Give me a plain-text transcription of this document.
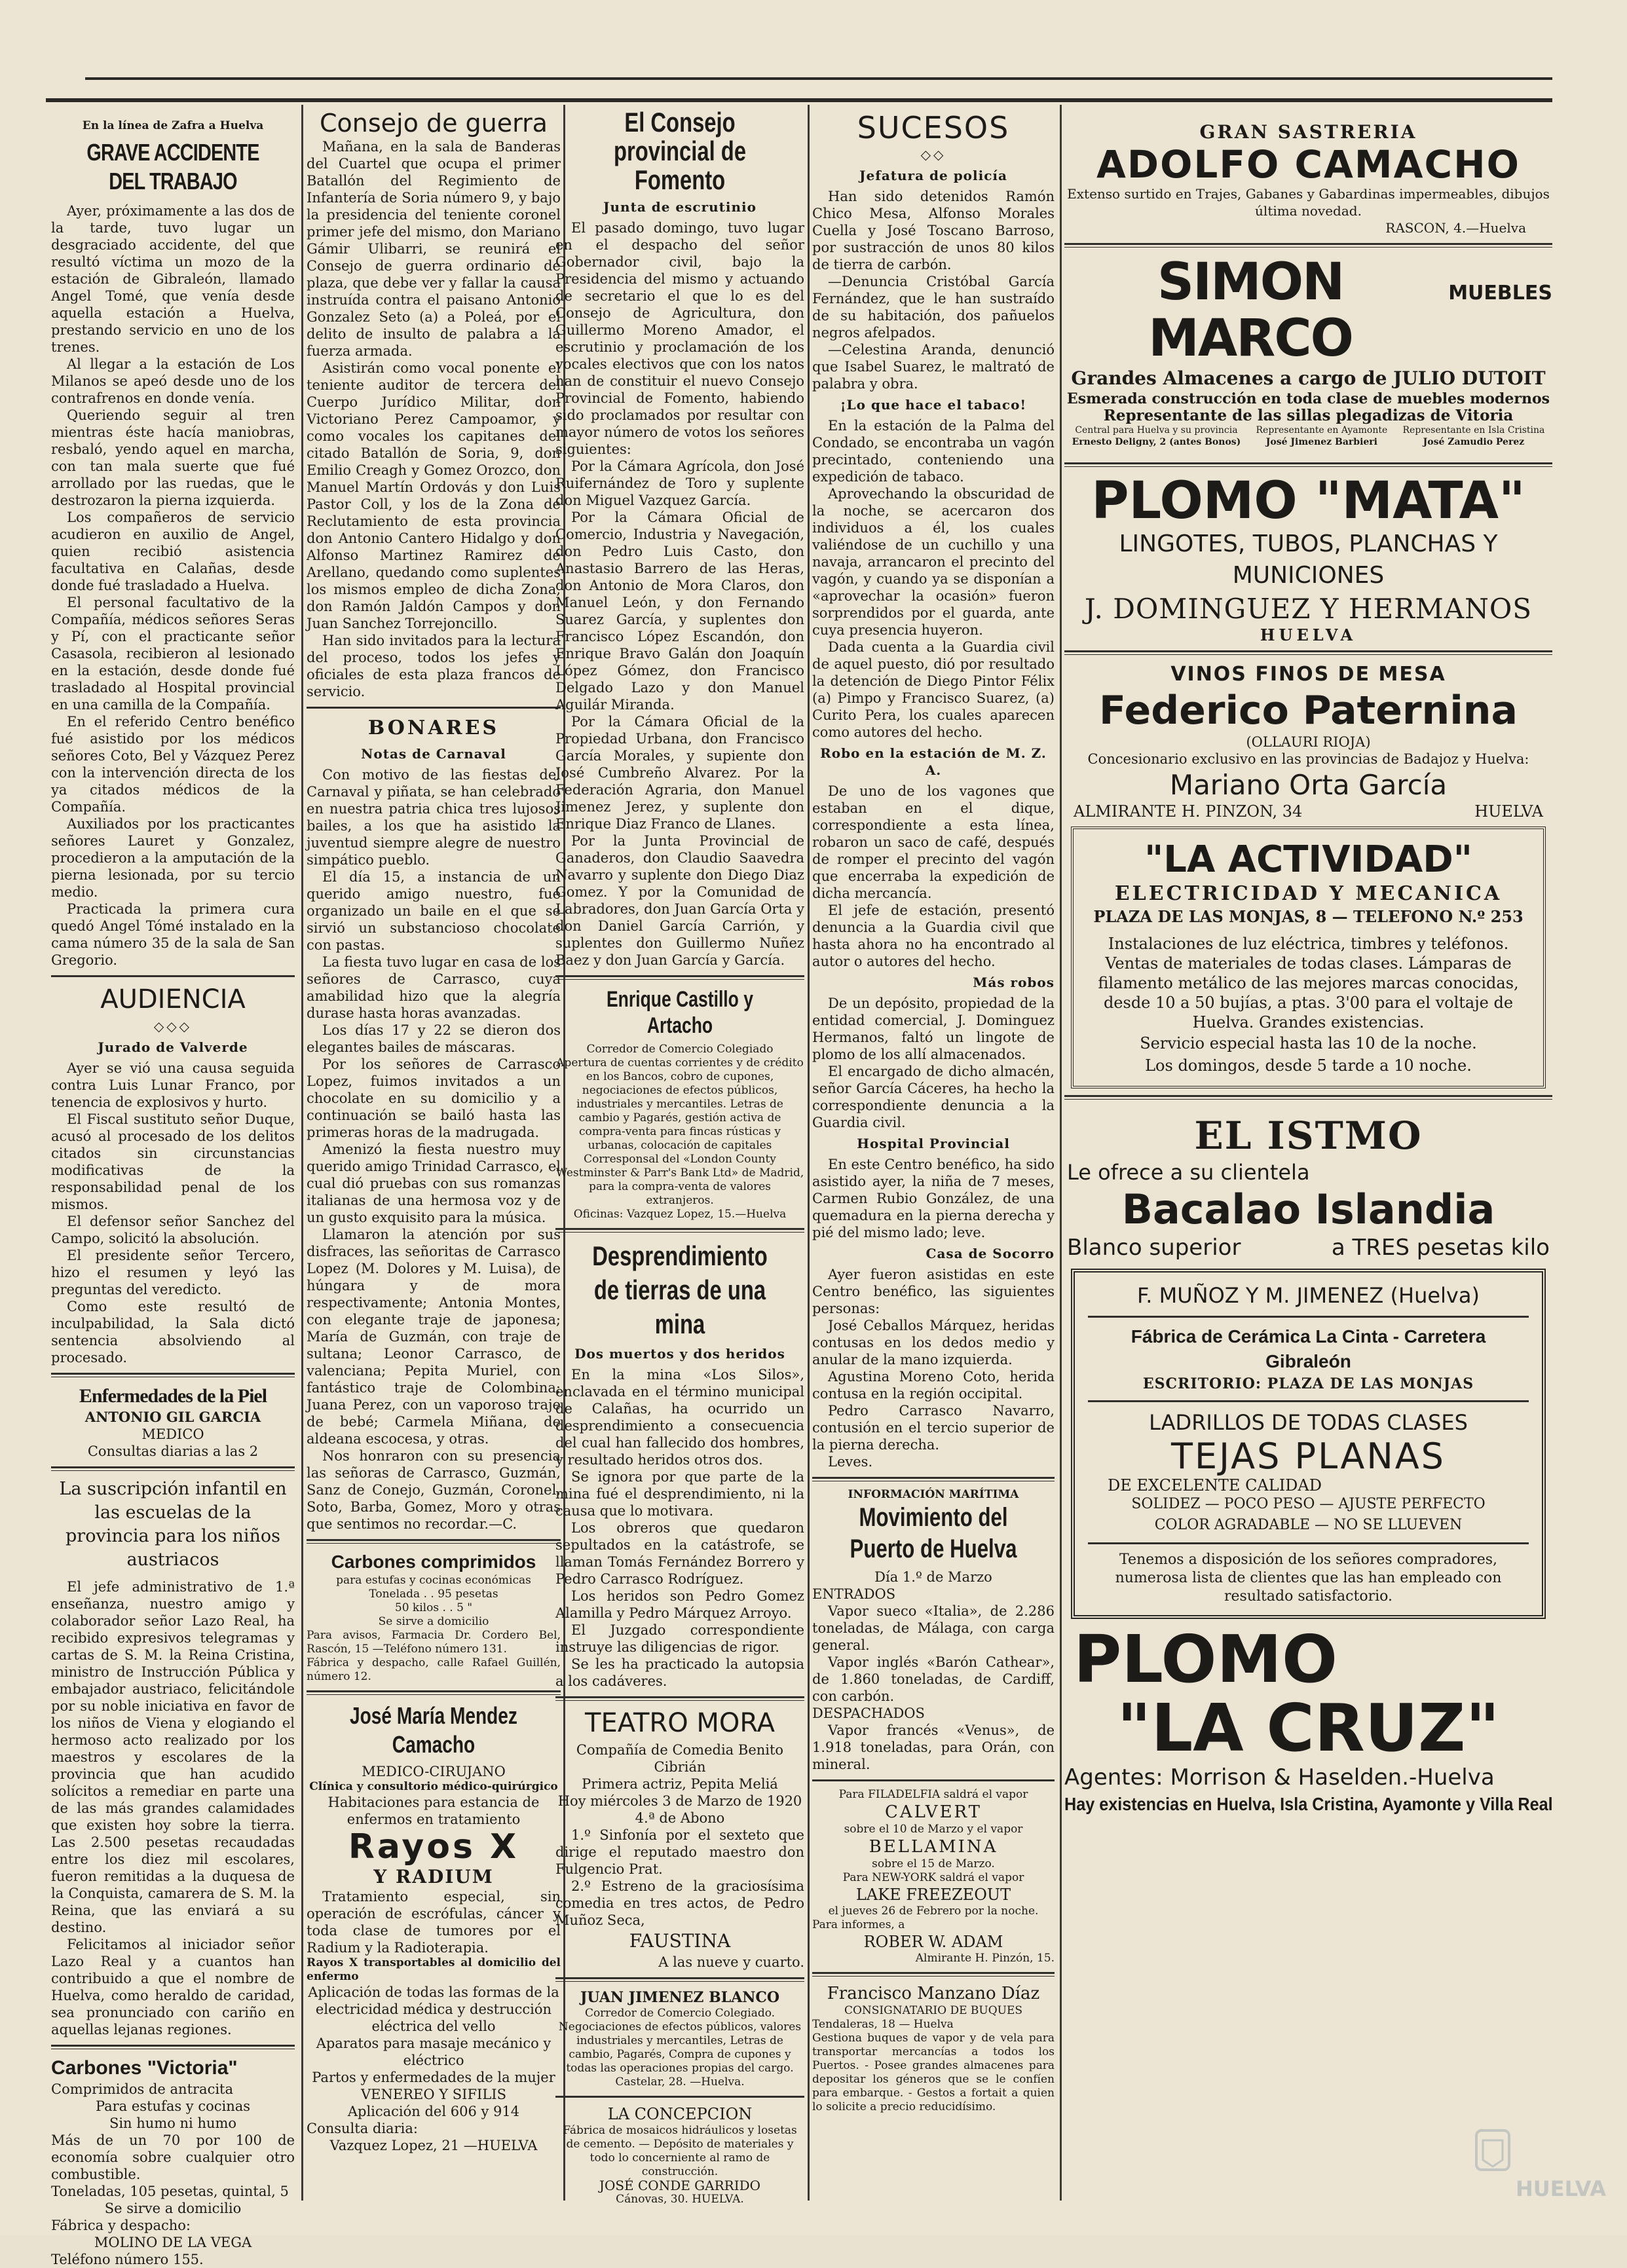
En la línea de Zafra a Huelva
GRAVE ACCIDENTE DEL TRABAJO

Ayer, próximamente a las dos de la tarde, tuvo lugar un desgraciado accidente, del que resultó víctima un mozo de la estación de Gibraleón, llamado Angel Tomé, que venía desde aquella estación a Huelva, prestando servicio en uno de los trenes.

Al llegar a la estación de Los Milanos se apeó desde uno de los contrafrenos en donde venía.

Queriendo seguir al tren mientras éste hacía maniobras, resbaló, yendo aquel en marcha, con tan mala suerte que fué arrollado por las ruedas, que le destrozaron la pierna izquierda.

Los compañeros de servicio acudieron en auxilio de Angel, quien recibió asistencia facultativa en Calañas, desde donde fué trasladado a Huelva.

El personal facultativo de la Compañía, médicos señores Seras y Pí, con el practicante señor Casasola, recibieron al lesionado en la estación, desde donde fué trasladado al Hospital provincial en una camilla de la Compañía.

En el referido Centro benéfico fué asistido por los médicos señores Coto, Bel y Vázquez Perez con la intervención directa de los ya citados médicos de la Compañía.

Auxiliados por los practicantes señores Lauret y Gonzalez, procedieron a la amputación de la pierna lesionada, por su tercio medio.

Practicada la primera cura quedó Angel Tómé instalado en la cama número 35 de la sala de San Gregorio.

AUDIENCIA
◇◇◇
Jurado de Valverde

Ayer se vió una causa seguida contra Luis Lunar Franco, por tenencia de explosivos y hurto.

El Fiscal sustituto señor Duque, acusó al procesado de los delitos citados sin circunstancias modificativas de la responsabilidad penal de los mismos.

El defensor señor Sanchez del Campo, solicitó la absolución.

El presidente señor Tercero, hizo el resumen y leyó las preguntas del veredicto.

Como este resultó de inculpabilidad, la Sala dictó sentencia absolviendo al procesado.

Enfermedades de la Piel
ANTONIO GIL GARCIA
MEDICO
Consultas diarias a las 2
La suscripción infantil en las escuelas de la provincia para los niños austriacos

El jefe administrativo de 1.ª enseñanza, nuestro amigo y colaborador señor Lazo Real, ha recibido expresivos telegramas y cartas de S. M. la Reina Cristina, ministro de Instrucción Pública y embajador austriaco, felicitándole por su noble iniciativa en favor de los niños de Viena y elogiando el hermoso acto realizado por los maestros y escolares de la provincia que han acudido solícitos a remediar en parte una de las más grandes calamidades que existen hoy sobre la tierra. Las 2.500 pesetas recaudadas entre los diez mil escolares, fueron remitidas a la duquesa de la Conquista, camarera de S. M. la Reina, que las enviará a su destino.

Felicitamos al iniciador señor Lazo Real y a cuantos han contribuido a que el nombre de Huelva, como heraldo de caridad, sea pronunciado con cariño en aquellas lejanas regiones.

Carbones "Victoria"
Comprimidos de antracita
Para estufas y cocinas
Sin humo ni humo
Más de un 70 por 100 de economía sobre cualquier otro combustible.
Toneladas, 105 pesetas, quintal, 5
Se sirve a domicilio
Fábrica y despacho:
MOLINO DE LA VEGA
Teléfono número 155.
Consejo de guerra

Mañana, en la sala de Banderas del Cuartel que ocupa el primer Batallón del Regimiento de Infantería de Soria número 9, y bajo la presidencia del teniente coronel primer jefe del mismo, don Mariano Gámir Ulibarri, se reunirá el Consejo de guerra ordinario de plaza, que debe ver y fallar la causa instruída contra el paisano Antonio Gonzalez Seto (a) a Poleá, por el delito de insulto de palabra a la fuerza armada.

Asistirán como vocal ponente el teniente auditor de tercera del Cuerpo Jurídico Militar, don Victoriano Perez Campoamor, y como vocales los capitanes del citado Batallón de Soria, 9, don Emilio Creagh y Gomez Orozco, don Manuel Martín Ordovás y don Luis Pastor Coll, y los de la Zona de Reclutamiento de esta provincia don Antonio Cantero Hidalgo y don Alfonso Martinez Ramirez de Arellano, quedando como suplentes los mismos empleo de dicha Zona, don Ramón Jaldón Campos y don Juan Sanchez Torrejoncillo.

Han sido invitados para la lectura del proceso, todos los jefes y oficiales de esta plaza francos de servicio.

BONARES
Notas de Carnaval

Con motivo de las fiestas del Carnaval y piñata, se han celebrado en nuestra patria chica tres lujosos bailes, a los que ha asistido la juventud siempre alegre de nuestro simpático pueblo.

El día 15, a instancia de un querido amigo nuestro, fué organizado un baile en el que se sirvió un substancioso chocolate con pastas.

La fiesta tuvo lugar en casa de los señores de Carrasco, cuya amabilidad hizo que la alegría durase hasta horas avanzadas.

Los días 17 y 22 se dieron dos elegantes bailes de máscaras.

Por los señores de Carrasco Lopez, fuimos invitados a un chocolate en su domicilio y a continuación se bailó hasta las primeras horas de la madrugada.

Amenizó la fiesta nuestro muy querido amigo Trinidad Carrasco, el cual dió pruebas con sus romanzas italianas de una hermosa voz y de un gusto exquisito para la música.

Llamaron la atención por sus disfraces, las señoritas de Carrasco Lopez (M. Dolores y M. Luisa), de húngara y de mora respectivamente; Antonia Montes, con elegante traje de japonesa; María de Guzmán, con traje de sultana; Leonor Carrasco, de valenciana; Pepita Muriel, con fantástico traje de Colombina; Juana Perez, con un vaporoso traje de bebé; Carmela Miñana, de aldeana escocesa, y otras.

Nos honraron con su presencia las señoras de Carrasco, Guzmán, Sanz de Conejo, Guzmán, Coronel, Soto, Barba, Gomez, Moro y otras que sentimos no recordar.—C.

Carbones comprimidos
para estufas y cocinas económicas
Tonelada . . 95 pesetas
50 kilos . . 5 "
Se sirve a domicilio
Para avisos, Farmacia Dr. Cordero Bel, Rascón, 15 —Teléfono número 131.
Fábrica y despacho, calle Rafael Guillén, número 12.
José María Mendez Camacho
MEDICO-CIRUJANO
Clínica y consultorio médico-quirúrgico
Habitaciones para estancia de enfermos en tratamiento
Rayos X
Y RADIUM

Tratamiento especial, sin operación de escrófulas, cáncer y toda clase de tumores por el Radium y la Radioterapia.

Rayos X transportables al domicilio del enfermo
Aplicación de todas las formas de la electricidad médica y destrucción eléctrica del vello
Aparatos para masaje mecánico y eléctrico
Partos y enfermedades de la mujer
VENEREO Y SIFILIS
Aplicación del 606 y 914
Consulta diaria:
Vazquez Lopez, 21 —HUELVA
El Consejo provincial de Fomento
Junta de escrutinio

El pasado domingo, tuvo lugar en el despacho del señor Gobernador civil, bajo la Presidencia del mismo y actuando de secretario el que lo es del Consejo de Agricultura, don Guillermo Moreno Amador, el escrutinio y proclamación de los vocales electivos que con los natos han de constituir el nuevo Consejo Provincial de Fomento, habiendo sido proclamados por resultar con mayor número de votos los señores siguientes:

Por la Cámara Agrícola, don José Ruifernández de Toro y suplente don Miguel Vazquez García.

Por la Cámara Oficial de Comercio, Industria y Navegación, don Pedro Luis Casto, don Anastasio Barrero de las Heras, don Antonio de Mora Claros, don Manuel León, y don Fernando Suarez García, y suplentes don Francisco López Escandón, don Enrique Bravo Galán don Joaquín López Gómez, don Francisco Delgado Lazo y don Manuel Aguilár Miranda.

Por la Cámara Oficial de la Propiedad Urbana, don Francisco García Morales, y supiente don José Cumbreño Alvarez. Por la Federación Agraria, don Manuel Jimenez Jerez, y suplente don Enrique Diaz Franco de Llanes.

Por la Junta Provincial de Ganaderos, don Claudio Saavedra Navarro y suplente don Diego Diaz Gomez. Y por la Comunidad de Labradores, don Juan García Orta y don Daniel García Carrión, y suplentes don Guillermo Nuñez Baez y don Juan García y García.

Enrique Castillo y Artacho
Corredor de Comercio Colegiado

Apertura de cuentas corrientes y de crédito en los Bancos, cobro de cupones, negociaciones de efectos públicos, industriales y mercantiles. Letras de cambio y Pagarés, gestión activa de compra-venta para fincas rústicas y urbanas, colocación de capitales

Corresponsal del «London County Westminster & Parr's Bank Ltd» de Madrid, para la compra-venta de valores extranjeros.

Oficinas: Vazquez Lopez, 15.—Huelva
Desprendimiento de tierras de una mina
Dos muertos y dos heridos

En la mina «Los Silos», enclavada en el término municipal de Calañas, ha ocurrido un desprendimiento a consecuencia del cual han fallecido dos hombres, y resultado heridos otros dos.

Se ignora por que parte de la mina fué el desprendimiento, ni la causa que lo motivara.

Los obreros que quedaron sepultados en la catástrofe, se llaman Tomás Fernández Borrero y Pedro Carrasco Rodríguez.

Los heridos son Pedro Gomez Alamilla y Pedro Márquez Arroyo.

El Juzgado correspondiente instruye las diligencias de rigor.

Se les ha practicado la autopsia a los cadáveres.

TEATRO MORA
Compañía de Comedia Benito Cibrián
Primera actriz, Pepita Meliá
Hoy miércoles 3 de Marzo de 1920
4.ª de Abono

1.º Sinfonía por el sexteto que dirige el reputado maestro don Fulgencio Prat.

2.º Estreno de la graciosísima comedia en tres actos, de Pedro Muñoz Seca,

FAUSTINA
A las nueve y cuarto.
JUAN JIMENEZ BLANCO
Corredor de Comercio Colegiado.

Negociaciones de efectos públicos, valores industriales y mercantiles, Letras de cambio, Pagarés, Compra de cupones y todas las operaciones propias del cargo.

Castelar, 28. —Huelva.
LA CONCEPCION

Fábrica de mosaicos hidráulicos y losetas de cemento. — Depósito de materiales y todo lo concerniente al ramo de construcción.

JOSÉ CONDE GARRIDO
Cánovas, 30. HUELVA.
SUCESOS
◇◇
Jefatura de policía

Han sido detenidos Ramón Chico Mesa, Alfonso Morales Cuella y José Toscano Barroso, por sustracción de unos 80 kilos de tierra de carbón.

—Denuncia Cristóbal García Fernández, que le han sustraído de su habitación, dos pañuelos negros afelpados.

—Celestina Aranda, denunció que Isabel Suarez, le maltrató de palabra y obra.

¡Lo que hace el tabaco!

En la estación de la Palma del Condado, se encontraba un vagón precintado, conteniendo una expedición de tabaco.

Aprovechando la obscuridad de la noche, se acercaron dos individuos a él, los cuales valiéndose de un cuchillo y una navaja, arrancaron el precinto del vagón, y cuando ya se disponían a «aprovechar la ocasión» fueron sorprendidos por el guarda, ante cuya presencia huyeron.

Dada cuenta a la Guardia civil de aquel puesto, dió por resultado la detención de Diego Pintor Félix (a) Pimpo y Francisco Suarez, (a) Curito Pera, los cuales aparecen como autores del hecho.

Robo en la estación de M. Z. A.

De uno de los vagones que estaban en el dique, correspondiente a esta línea, robaron un saco de café, después de romper el precinto del vagón que encerraba la expedición de dicha mercancía.

El jefe de estación, presentó denuncia a la Guardia civil que hasta ahora no ha encontrado al autor o autores del hecho.

Más robos

De un depósito, propiedad de la entidad comercial, J. Dominguez Hermanos, faltó un lingote de plomo de los allí almacenados.

El encargado de dicho almacén, señor García Cáceres, ha hecho la correspondiente denuncia a la Guardia civil.

Hospital Provincial

En este Centro benéfico, ha sido asistido ayer, la niña de 7 meses, Carmen Rubio González, de una quemadura en la pierna derecha y pié del mismo lado; leve.

Casa de Socorro

Ayer fueron asistidas en este Centro benéfico, las siguientes personas:

José Ceballos Márquez, heridas contusas en los dedos medio y anular de la mano izquierda.

Agustina Moreno Coto, herida contusa en la región occipital.

Pedro Carrasco Navarro, contusión en el tercio superior de la pierna derecha.

Leves.

INFORMACIÓN MARÍTIMA
Movimiento del Puerto de Huelva
Día 1.º de Marzo
ENTRADOS

Vapor sueco «Italia», de 2.286 toneladas, de Málaga, con carga general.

Vapor inglés «Barón Cathear», de 1.860 toneladas, de Cardiff, con carbón.

DESPACHADOS

Vapor francés «Venus», de 1.918 toneladas, para Orán, con mineral.

Para FILADELFIA saldrá el vapor
CALVERT
sobre el 10 de Marzo y el vapor
BELLAMINA
sobre el 15 de Marzo.
Para NEW-YORK saldrá el vapor
LAKE FREEZEOUT
el jueves 26 de Febrero por la noche.
Para informes, a
ROBER W. ADAM
Almirante H. Pinzón, 15.
Francisco Manzano Díaz
CONSIGNATARIO DE BUQUES
Tendaleras, 18 — Huelva

Gestiona buques de vapor y de vela para transportar mercancías a todos los Puertos. - Posee grandes almacenes para depositar los géneros que se le confíen para embarque. - Gestos a fortait a quien lo solicite a precio reducidísimo.

GRAN SASTRERIA
ADOLFO CAMACHO
Extenso surtido en Trajes, Gabanes y Gabardinas impermeables, dibujos última novedad.
RASCON, 4.—Huelva
SIMON MARCO
MUEBLES
Grandes Almacenes a cargo de JULIO DUTOIT
Esmerada construcción en toda clase de muebles modernos
Representante de las sillas plegadizas de Vitoria
Central para Huelva y su provincia
Ernesto Deligny, 2 (antes Bonos)
Representante en Ayamonte
José Jimenez Barbieri
Representante en Isla Cristina
José Zamudio Perez
PLOMO "MATA"
LINGOTES, TUBOS, PLANCHAS Y MUNICIONES
J. DOMINGUEZ Y HERMANOS
HUELVA
VINOS FINOS DE MESA
Federico Paternina
(OLLAURI RIOJA)
Concesionario exclusivo en las provincias de Badajoz y Huelva:
Mariano Orta García
ALMIRANTE H. PINZON, 34	HUELVA
"LA ACTIVIDAD"
ELECTRICIDAD Y MECANICA
PLAZA DE LAS MONJAS, 8 — TELEFONO N.º 253

Instalaciones de luz eléctrica, timbres y teléfonos. Ventas de materiales de todas clases. Lámparas de filamento metálico de las mejores marcas conocidas, desde 10 a 50 bujías, a ptas. 3'00 para el voltaje de Huelva. Grandes existencias.

Servicio especial hasta las 10 de la noche.
Los domingos, desde 5 tarde a 10 noche.
EL ISTMO
Le ofrece a su clientela
Bacalao Islandia
Blanco superior	a TRES pesetas kilo
F. MUÑOZ Y M. JIMENEZ (Huelva)
Fábrica de Cerámica La Cinta - Carretera Gibraleón
ESCRITORIO: PLAZA DE LAS MONJAS
LADRILLOS DE TODAS CLASES
TEJAS PLANAS
DE EXCELENTE CALIDAD
SOLIDEZ — POCO PESO — AJUSTE PERFECTO
COLOR AGRADABLE — NO SE LLUEVEN

Tenemos a disposición de los señores compradores, numerosa lista de clientes que las han empleado con resultado satisfactorio.

PLOMO
"LA CRUZ"
Agentes: Morrison & Haselden.-Huelva
Hay existencias en Huelva, Isla Cristina, Ayamonte y Villa Real
HUELVA
